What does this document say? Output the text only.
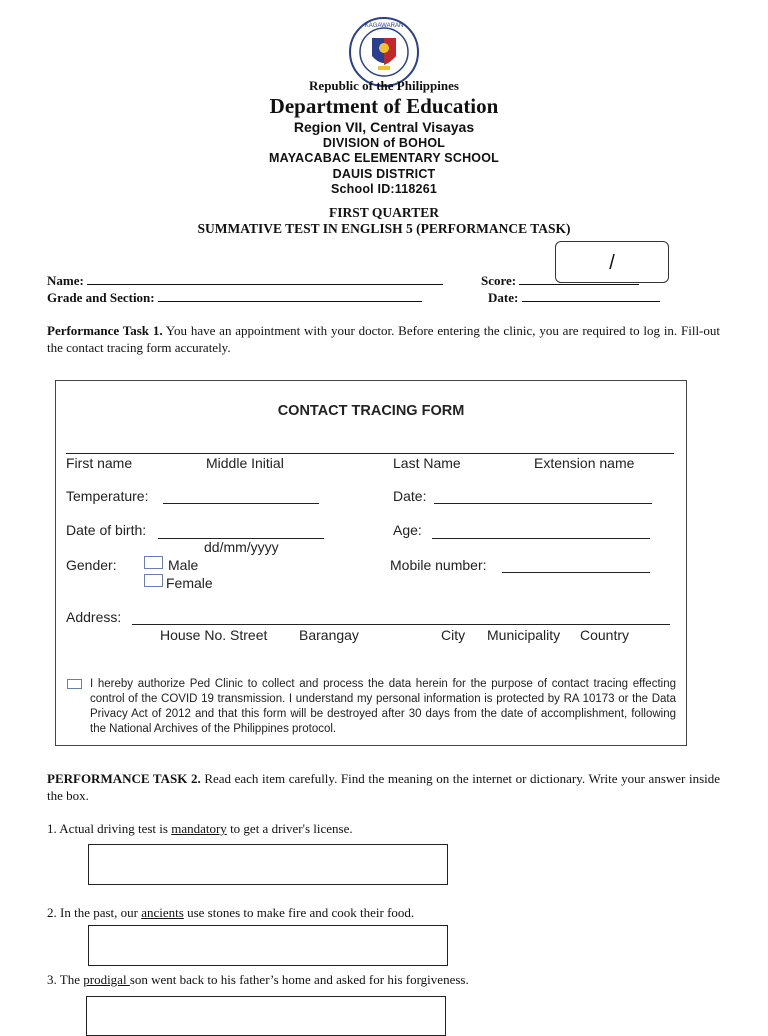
KAGAWARAN
Republic of the Philippines
Department of Education
Region VII, Central Visayas
DIVISION of BOHOL
MAYACABAC ELEMENTARY SCHOOL
DAUIS DISTRICT
School ID:118261
FIRST QUARTER
SUMMATIVE TEST IN ENGLISH 5 (PERFORMANCE TASK)
/
Name:	Score:
Grade and Section:	Date:
Performance Task 1. You have an appointment with your doctor. Before entering the clinic, you are required to log in. Fill-out the contact tracing form accurately.
CONTACT TRACING FORM
First name	Middle Initial	Last Name	Extension name
Temperature:	Date:
Date of birth:
dd/mm/yyyy
Age:
Gender:	Male
Female
Mobile number:
Address:
House No. Street Barangay	City Municipality Country
I hereby authorize Ped Clinic to collect and process the data herein for the purpose of contact tracing effecting control of the COVID 19 transmission. I understand my personal information is protected by RA 10173 or the Data Privacy Act of 2012 and that this form will be destroyed after 30 days from the date of accomplishment, following the National Archives of the Philippines protocol.
PERFORMANCE TASK 2. Read each item carefully. Find the meaning on the internet or dictionary. Write your answer inside the box.
1. Actual driving test is mandatory to get a driver's license.
2. In the past, our ancients use stones to make fire and cook their food.
3. The prodigal son went back to his father’s home and asked for his forgiveness.
